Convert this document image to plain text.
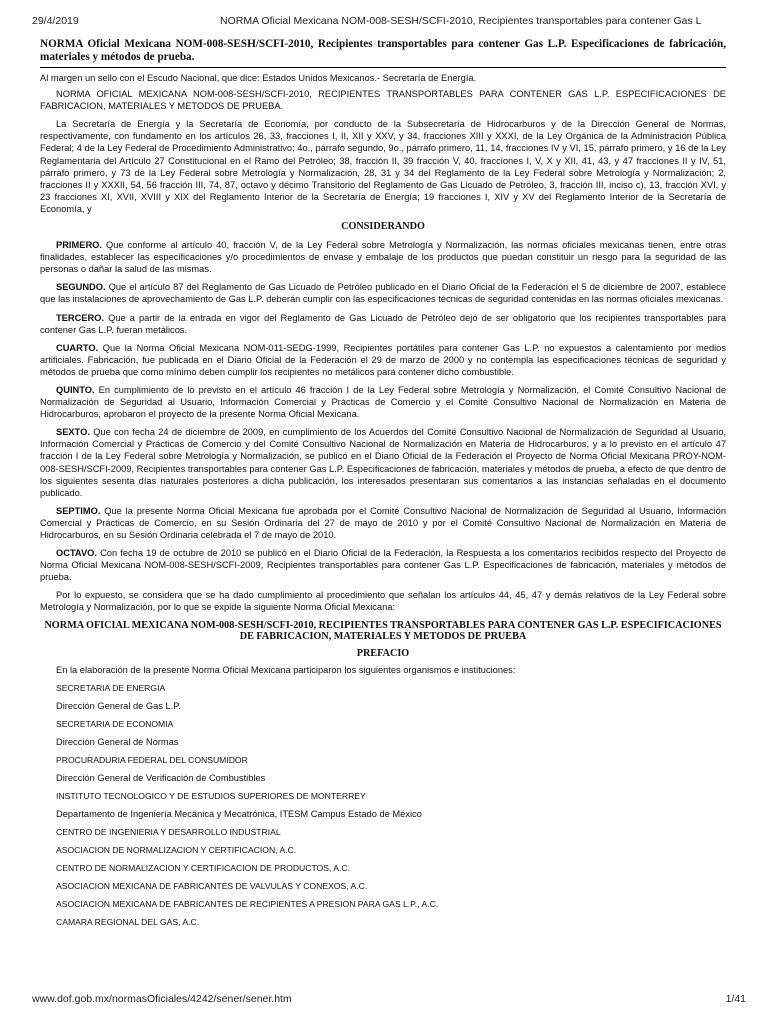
29/4/2019	NORMA Oficial Mexicana NOM-008-SESH/SCFI-2010, Recipientes transportables para contener Gas L
NORMA Oficial Mexicana NOM-008-SESH/SCFI-2010, Recipientes transportables para contener Gas L.P. Especificaciones de fabricación, materiales y métodos de prueba.

Al margen un sello con el Escudo Nacional, que dice: Estados Unidos Mexicanos.- Secretaría de Energía.

NORMA OFICIAL MEXICANA NOM-008-SESH/SCFI-2010, RECIPIENTES TRANSPORTABLES PARA CONTENER GAS L.P. ESPECIFICACIONES DE FABRICACION, MATERIALES Y METODOS DE PRUEBA.

La Secretaría de Energía y la Secretaría de Economía, por conducto de la Subsecretaría de Hidrocarburos y de la Dirección General de Normas, respectivamente, con fundamento en los artículos 26, 33, fracciones I, II, XII y XXV, y 34, fracciones XIII y XXXI, de la Ley Orgánica de la Administración Pública Federal; 4 de la Ley Federal de Procedimiento Administrativo; 4o., párrafo segundo, 9o., párrafo primero, 11, 14, fracciones IV y VI, 15, párrafo primero, y 16 de la Ley Reglamentaria del Artículo 27 Constitucional en el Ramo del Petróleo; 38, fracción II, 39 fracción V, 40, fracciones I, V, X y XII, 41, 43, y 47 fracciones II y IV, 51, párrafo primero, y 73 de la Ley Federal sobre Metrología y Normalización, 28, 31 y 34 del Reglamento de la Ley Federal sobre Metrología y Normalización; 2, fracciones II y XXXII, 54, 56 fracción III, 74, 87, octavo y décimo Transitorio del Reglamento de Gas Licuado de Petróleo, 3, fracción III, inciso c), 13, fracción XVI, y 23 fracciones XI, XVII, XVIII y XIX del Reglamento Interior de la Secretaría de Energía; 19 fracciones I, XIV y XV del Reglamento Interior de la Secretaría de Economía, y

CONSIDERANDO

PRIMERO. Que conforme al artículo 40, fracción V, de la Ley Federal sobre Metrología y Normalización, las normas oficiales mexicanas tienen, entre otras finalidades, establecer las especificaciones y/o procedimientos de envase y embalaje de los productos que puedan constituir un riesgo para la seguridad de las personas o dañar la salud de las mismas.

SEGUNDO. Que el artículo 87 del Reglamento de Gas Licuado de Petróleo publicado en el Diario Oficial de la Federación el 5 de diciembre de 2007, establece que las instalaciones de aprovechamiento de Gas L.P. deberán cumplir con las especificaciones técnicas de seguridad contenidas en las normas oficiales mexicanas.

TERCERO. Que a partir de la entrada en vigor del Reglamento de Gas Licuado de Petróleo dejó de ser obligatorio que los recipientes transportables para contener Gas L.P. fueran metálicos.

CUARTO. Que la Norma Oficial Mexicana NOM-011-SEDG-1999, Recipientes portátiles para contener Gas L.P. no expuestos a calentamiento por medios artificiales. Fabricación, fue publicada en el Diario Oficial de la Federación el 29 de marzo de 2000 y no contempla las especificaciones técnicas de seguridad y métodos de prueba que como mínimo deben cumplir los recipientes no metálicos para contener dicho combustible.

QUINTO. En cumplimiento de lo previsto en el artículo 46 fracción I de la Ley Federal sobre Metrología y Normalización, el Comité Consultivo Nacional de Normalización de Seguridad al Usuario, Información Comercial y Prácticas de Comercio y el Comité Consultivo Nacional de Normalización en Materia de Hidrocarburos, aprobaron el proyecto de la presente Norma Oficial Mexicana.

SEXTO. Que con fecha 24 de diciembre de 2009, en cumplimiento de los Acuerdos del Comité Consultivo Nacional de Normalización de Seguridad al Usuario, Información Comercial y Prácticas de Comercio y del Comité Consultivo Nacional de Normalización en Materia de Hidrocarburos, y a lo previsto en el artículo 47 fracción I de la Ley Federal sobre Metrología y Normalización, se publicó en el Diario Oficial de la Federación el Proyecto de Norma Oficial Mexicana PROY-NOM-008-SESH/SCFI-2009, Recipientes transportables para contener Gas L.P. Especificaciones de fabricación, materiales y métodos de prueba, a efecto de que dentro de los siguientes sesenta días naturales posteriores a dicha publicación, los interesados presentaran sus comentarios a las instancias señaladas en el documento publicado.

SEPTIMO. Que la presente Norma Oficial Mexicana fue aprobada por el Comité Consultivo Nacional de Normalización de Seguridad al Usuario, Información Comercial y Prácticas de Comercio, en su Sesión Ordinaria del 27 de mayo de 2010 y por el Comité Consultivo Nacional de Normalización en Materia de Hidrocarburos, en su Sesión Ordinaria celebrada el 7 de mayo de 2010.

OCTAVO. Con fecha 19 de octubre de 2010 se publicó en el Diario Oficial de la Federación, la Respuesta a los comentarios recibidos respecto del Proyecto de Norma Oficial Mexicana NOM-008-SESH/SCFI-2009, Recipientes transportables para contener Gas L.P. Especificaciones de fabricación, materiales y métodos de prueba.

Por lo expuesto, se considera que se ha dado cumplimiento al procedimiento que señalan los artículos 44, 45, 47 y demás relativos de la Ley Federal sobre Metrología y Normalización, por lo que se expide la siguiente Norma Oficial Mexicana:

NORMA OFICIAL MEXICANA NOM-008-SESH/SCFI-2010, RECIPIENTES TRANSPORTABLES PARA CONTENER GAS L.P. ESPECIFICACIONES DE FABRICACION, MATERIALES Y METODOS DE PRUEBA
PREFACIO

En la elaboración de la presente Norma Oficial Mexicana participaron los siguientes organismos e instituciones:

SECRETARIA DE ENERGIA
Dirección General de Gas L.P.
SECRETARIA DE ECONOMIA
Dirección General de Normas
PROCURADURIA FEDERAL DEL CONSUMIDOR
Dirección General de Verificación de Combustibles
INSTITUTO TECNOLOGICO Y DE ESTUDIOS SUPERIORES DE MONTERREY
Departamento de Ingeniería Mecánica y Mecatrónica, ITESM Campus Estado de México
CENTRO DE INGENIERIA Y DESARROLLO INDUSTRIAL
ASOCIACION DE NORMALIZACION Y CERTIFICACION, A.C.
CENTRO DE NORMALIZACION Y CERTIFICACION DE PRODUCTOS, A.C.
ASOCIACION MEXICANA DE FABRICANTES DE VALVULAS Y CONEXOS, A.C.
ASOCIACION MEXICANA DE FABRICANTES DE RECIPIENTES A PRESION PARA GAS L.P., A.C.
CAMARA REGIONAL DEL GAS, A.C.
www.dof.gob.mx/normasOficiales/4242/sener/sener.htm	1/41
